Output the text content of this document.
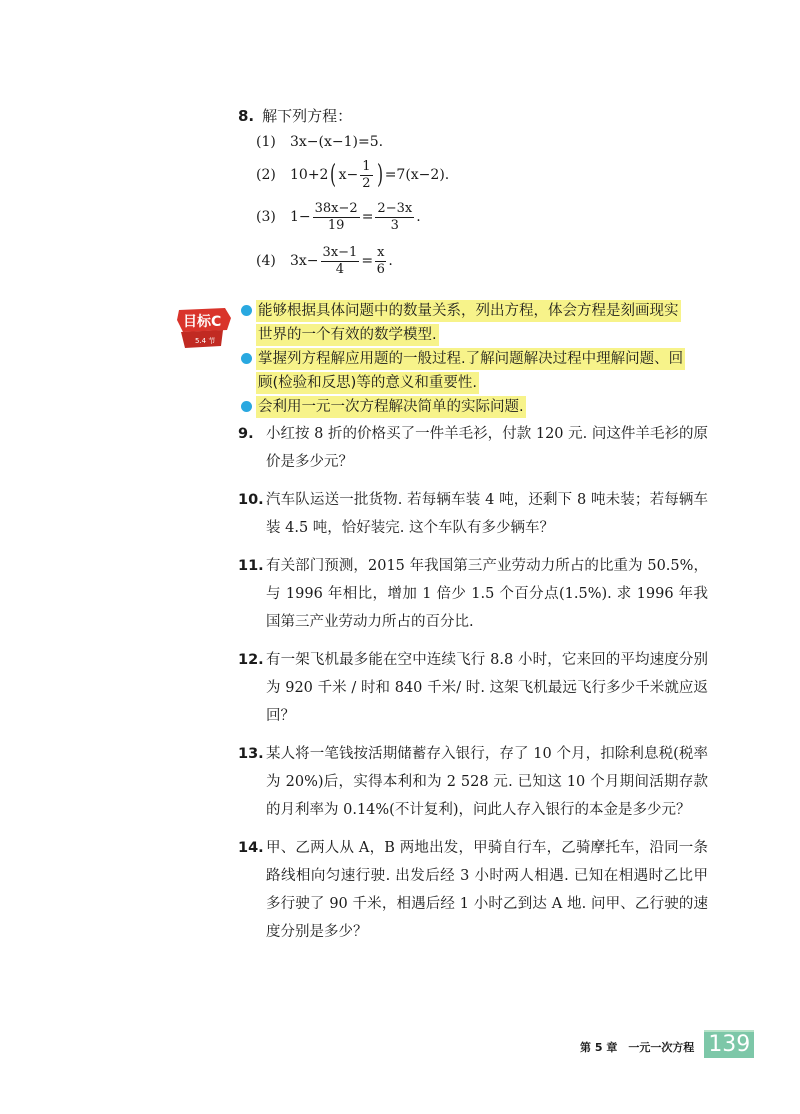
8. 解下列方程：
(1)	3x−(x−1)=5.
(2)	10+2 ( $x- \frac{1}{2}$ ) =7(x−2).
(3)	$1- \frac{38x-2}{19} = \frac{2-3x}{3}$ .
(4)	$3x- \frac{3x-1}{4} = \frac{x}{6}$ .
目标C
5.4 节
能够根据具体问题中的数量关系，列出方程，体会方程是刻画现实
世界的一个有效的数学模型.
掌握列方程解应用题的一般过程.了解问题解决过程中理解问题、回
顾(检验和反思)等的意义和重要性.
会利用一元一次方程解决简单的实际问题.
9. 小红按 8 折的价格买了一件羊毛衫，付款 120 元. 问这件羊毛衫的原价是多少元？
10. 汽车队运送一批货物. 若每辆车装 4 吨，还剩下 8 吨未装；若每辆车装 4.5 吨，恰好装完. 这个车队有多少辆车？
11. 有关部门预测，2015 年我国第三产业劳动力所占的比重为 50.5%，与 1996 年相比，增加 1 倍少 1.5 个百分点(1.5%). 求 1996 年我国第三产业劳动力所占的百分比.
12. 有一架飞机最多能在空中连续飞行 8.8 小时，它来回的平均速度分别为 920 千米 / 时和 840 千米/ 时. 这架飞机最远飞行多少千米就应返回？
13. 某人将一笔钱按活期储蓄存入银行，存了 10 个月，扣除利息税(税率为 20%)后，实得本利和为 2 528 元. 已知这 10 个月期间活期存款的月利率为 0.14%(不计复利)，问此人存入银行的本金是多少元？
14. 甲、乙两人从 A，B 两地出发，甲骑自行车，乙骑摩托车，沿同一条路线相向匀速行驶. 出发后经 3 小时两人相遇. 已知在相遇时乙比甲多行驶了 90 千米，相遇后经 1 小时乙到达 A 地. 问甲、乙行驶的速度分别是多少？
第 5 章　一元一次方程 139
